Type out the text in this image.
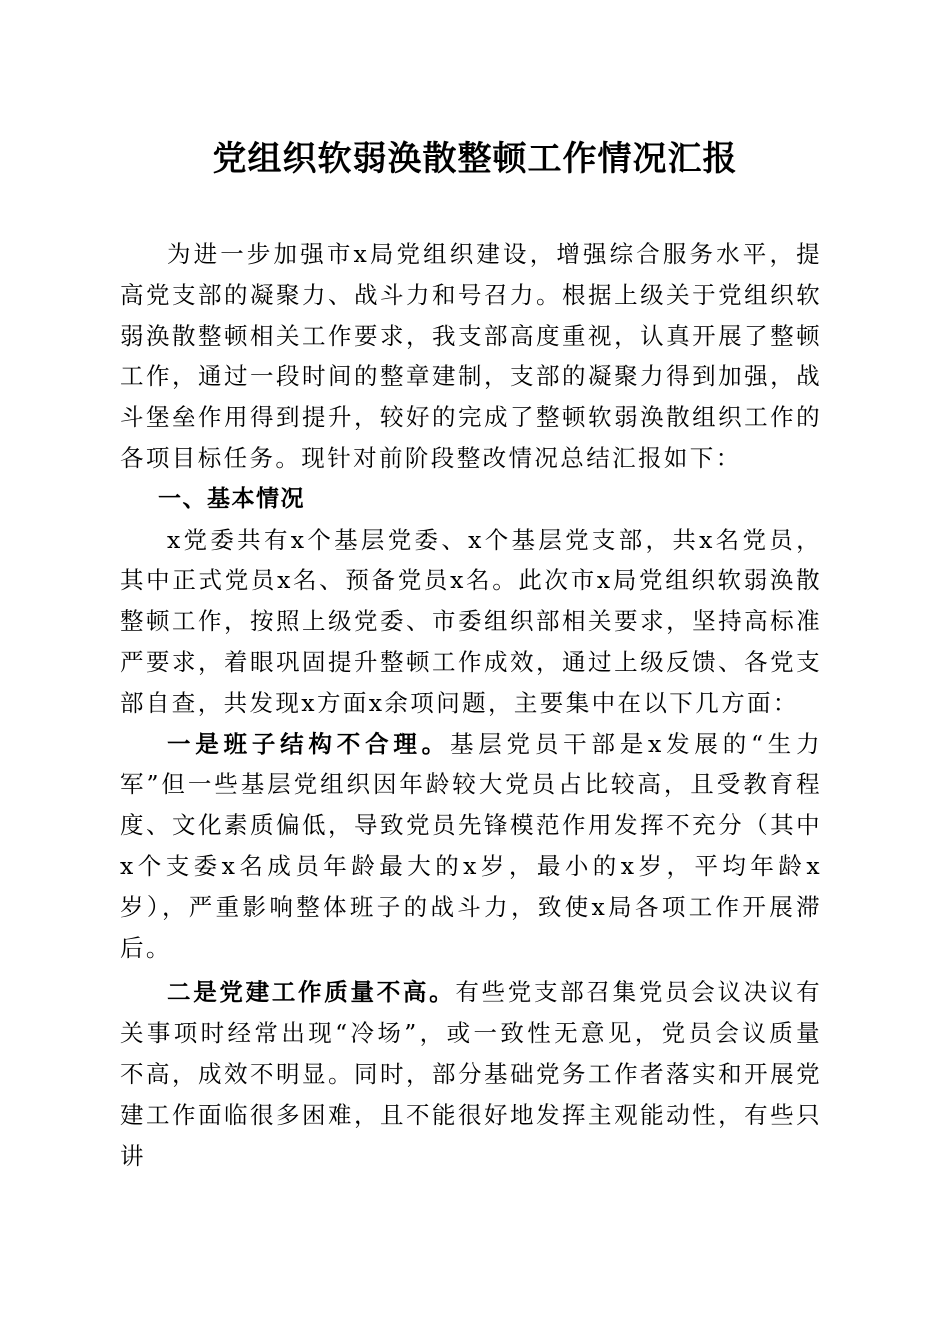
党组织软弱涣散整顿工作情况汇报

为进一步加强市x局党组织建设，增强综合服务水平，提高党支部的凝聚力、战斗力和号召力。根据上级关于党组织软弱涣散整顿相关工作要求，我支部高度重视，认真开展了整顿工作，通过一段时间的整章建制，支部的凝聚力得到加强，战斗堡垒作用得到提升，较好的完成了整顿软弱涣散组织工作的各项目标任务。现针对前阶段整改情况总结汇报如下：

一、基本情况

x党委共有x个基层党委、x个基层党支部，共x名党员，其中正式党员x名、预备党员x名。此次市x局党组织软弱涣散整顿工作，按照上级党委、市委组织部相关要求，坚持高标准严要求，着眼巩固提升整顿工作成效，通过上级反馈、各党支部自查，共发现x方面x余项问题，主要集中在以下几方面：

一是班子结构不合理。基层党员干部是x发展的“生力军”但一些基层党组织因年龄较大党员占比较高，且受教育程度、文化素质偏低，导致党员先锋模范作用发挥不充分（其中x个支委x名成员年龄最大的x岁，最小的x岁，平均年龄x岁），严重影响整体班子的战斗力，致使x局各项工作开展滞后。

二是党建工作质量不高。有些党支部召集党员会议决议有关事项时经常出现“冷场”，或一致性无意见，党员会议质量不高，成效不明显。同时，部分基础党务工作者落实和开展党建工作面临很多困难，且不能很好地发挥主观能动性，有些只讲
